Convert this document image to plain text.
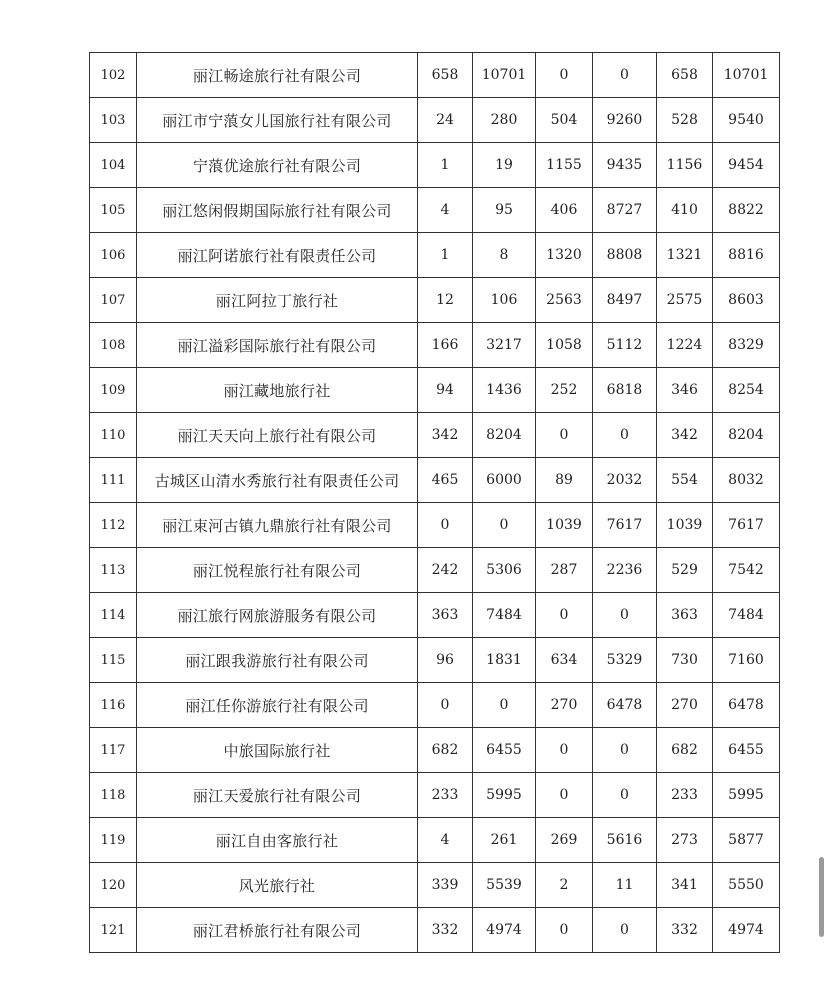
102	丽江畅途旅行社有限公司	658	10701	0	0	658	10701
103	丽江市宁蒗女儿国旅行社有限公司	24	280	504	9260	528	9540
104	宁蒗优途旅行社有限公司	1	19	1155	9435	1156	9454
105	丽江悠闲假期国际旅行社有限公司	4	95	406	8727	410	8822
106	丽江阿诺旅行社有限责任公司	1	8	1320	8808	1321	8816
107	丽江阿拉丁旅行社	12	106	2563	8497	2575	8603
108	丽江溢彩国际旅行社有限公司	166	3217	1058	5112	1224	8329
109	丽江藏地旅行社	94	1436	252	6818	346	8254
110	丽江天天向上旅行社有限公司	342	8204	0	0	342	8204
111	古城区山清水秀旅行社有限责任公司	465	6000	89	2032	554	8032
112	丽江束河古镇九鼎旅行社有限公司	0	0	1039	7617	1039	7617
113	丽江悦程旅行社有限公司	242	5306	287	2236	529	7542
114	丽江旅行网旅游服务有限公司	363	7484	0	0	363	7484
115	丽江跟我游旅行社有限公司	96	1831	634	5329	730	7160
116	丽江任你游旅行社有限公司	0	0	270	6478	270	6478
117	中旅国际旅行社	682	6455	0	0	682	6455
118	丽江天爱旅行社有限公司	233	5995	0	0	233	5995
119	丽江自由客旅行社	4	261	269	5616	273	5877
120	风光旅行社	339	5539	2	11	341	5550
121	丽江君桥旅行社有限公司	332	4974	0	0	332	4974
